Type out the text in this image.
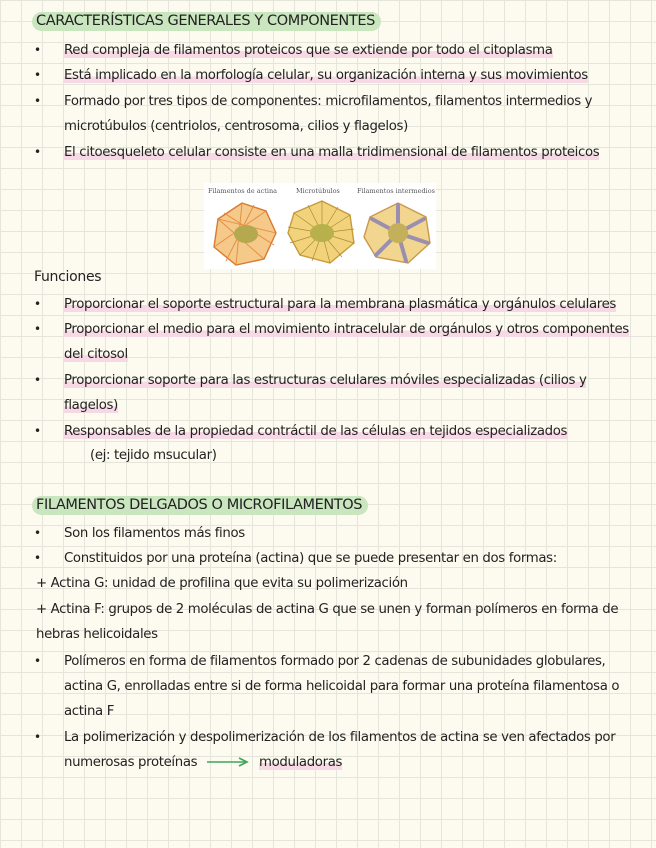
CARACTERÍSTICAS GENERALES Y COMPONENTES
• Red compleja de filamentos proteicos que se extiende por todo el citoplasma
• Está implicado en la morfología celular, su organización interna y sus movimientos
• Formado por tres tipos de componentes: microfilamentos, filamentos intermedios y microtúbulos (centriolos, centrosoma, cilios y flagelos)
• El citoesqueleto celular consiste en una malla tridimensional de filamentos proteicos
Filamentos de actina	Microtúbulos	Filamentos intermedios
Funciones
• Proporcionar el soporte estructural para la membrana plasmática y orgánulos celulares
• Proporcionar el medio para el movimiento intracelular de orgánulos y otros componentes del citosol
• Proporcionar soporte para las estructuras celulares móviles especializadas (cilios y flagelos)
• Responsables de la propiedad contráctil de las células en tejidos especializados
(ej: tejido msucular)
FILAMENTOS DELGADOS O MICROFILAMENTOS
• Son los filamentos más finos
• Constituidos por una proteína (actina) que se puede presentar en dos formas:
+ Actina G: unidad de profilina que evita su polimerización
+ Actina F: grupos de 2 moléculas de actina G que se unen y forman polímeros en forma de hebras helicoidales
• Polímeros en forma de filamentos formado por 2 cadenas de subunidades globulares, actina G, enrolladas entre si de forma helicoidal para formar una proteína filamentosa o actina F
• La polimerización y despolimerización de los filamentos de actina se ven afectados por numerosas proteínas	moduladoras
